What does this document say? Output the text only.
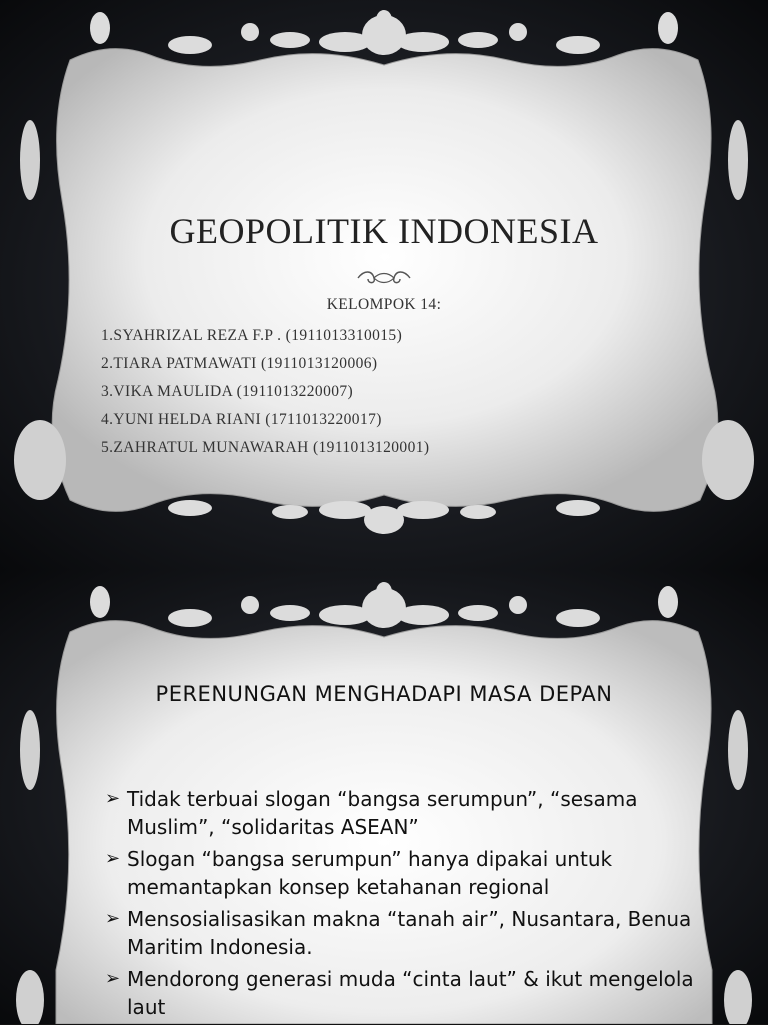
GEOPOLITIK INDONESIA
KELOMPOK 14:
1.SYAHRIZAL REZA F.P . (1911013310015)
2.TIARA PATMAWATI (1911013120006)
3.VIKA MAULIDA (1911013220007)
4.YUNI HELDA RIANI (1711013220017)
5.ZAHRATUL MUNAWARAH (1911013120001)
PERENUNGAN MENGHADAPI MASA DEPAN
➢ Tidak terbuai slogan “bangsa serumpun”, “sesama Muslim”, “solidaritas ASEAN”
➢ Slogan “bangsa serumpun” hanya dipakai untuk memantapkan konsep ketahanan regional
➢ Mensosialisasikan makna “tanah air”, Nusantara, Benua Maritim Indonesia.
➢ Mendorong generasi muda “cinta laut” & ikut mengelola laut
